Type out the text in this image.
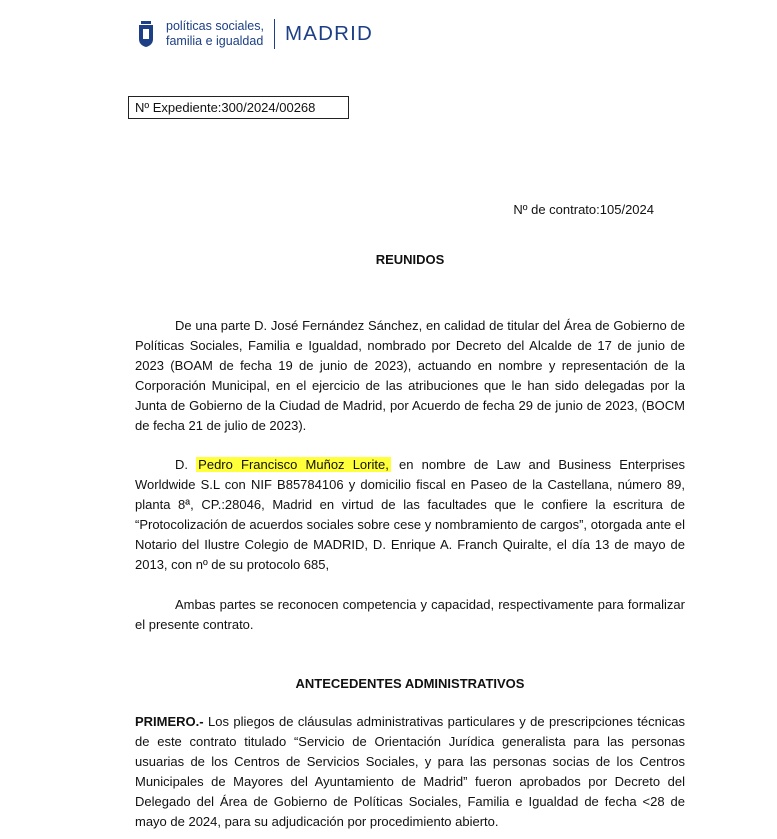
políticas sociales,
familia e igualdad MADRID
Nº Expediente:300/2024/00268
Nº de contrato:105/2024
REUNIDOS

De una parte D. José Fernández Sánchez, en calidad de titular del Área de Gobierno de Políticas Sociales, Familia e Igualdad, nombrado por Decreto del Alcalde de 17 de junio de 2023 (BOAM de fecha 19 de junio de 2023), actuando en nombre y representación de la Corporación Municipal, en el ejercicio de las atribuciones que le han sido delegadas por la Junta de Gobierno de la Ciudad de Madrid, por Acuerdo de fecha 29 de junio de 2023, (BOCM de fecha 21 de julio de 2023).

D. Pedro Francisco Muñoz Lorite, en nombre de Law and Business Enterprises Worldwide S.L con NIF B85784106 y domicilio fiscal en Paseo de la Castellana, número 89, planta 8ª, CP.:28046, Madrid en virtud de las facultades que le confiere la escritura de “Protocolización de acuerdos sociales sobre cese y nombramiento de cargos”, otorgada ante el Notario del Ilustre Colegio de MADRID, D. Enrique A. Franch Quiralte, el día 13 de mayo de 2013, con nº de su protocolo 685,

Ambas partes se reconocen competencia y capacidad, respectivamente para formalizar el presente contrato.

ANTECEDENTES ADMINISTRATIVOS

PRIMERO.- Los pliegos de cláusulas administrativas particulares y de prescripciones técnicas de este contrato titulado “Servicio de Orientación Jurídica generalista para las personas usuarias de los Centros de Servicios Sociales, y para las personas socias de los Centros Municipales de Mayores del Ayuntamiento de Madrid” fueron aprobados por Decreto del Delegado del Área de Gobierno de Políticas Sociales, Familia e Igualdad de fecha <28 de mayo de 2024, para su adjudicación por procedimiento abierto.
